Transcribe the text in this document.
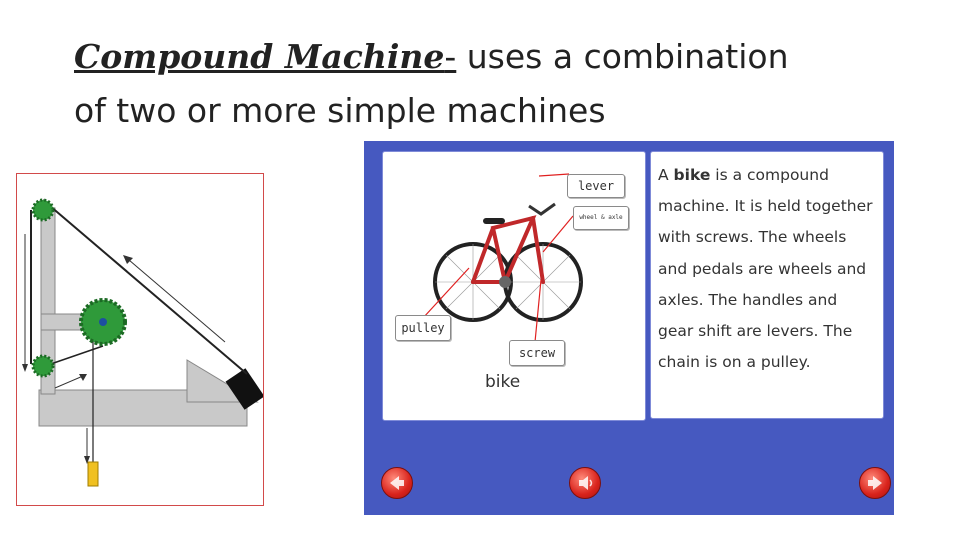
Compound Machine- uses a combination
of two or more simple machines
lever
wheel & axle
pulley
screw
bike
A bike is a compound machine. It is held together with screws. The wheels and pedals are wheels and axles. The handles and gear shift are levers. The chain is on a pulley.
